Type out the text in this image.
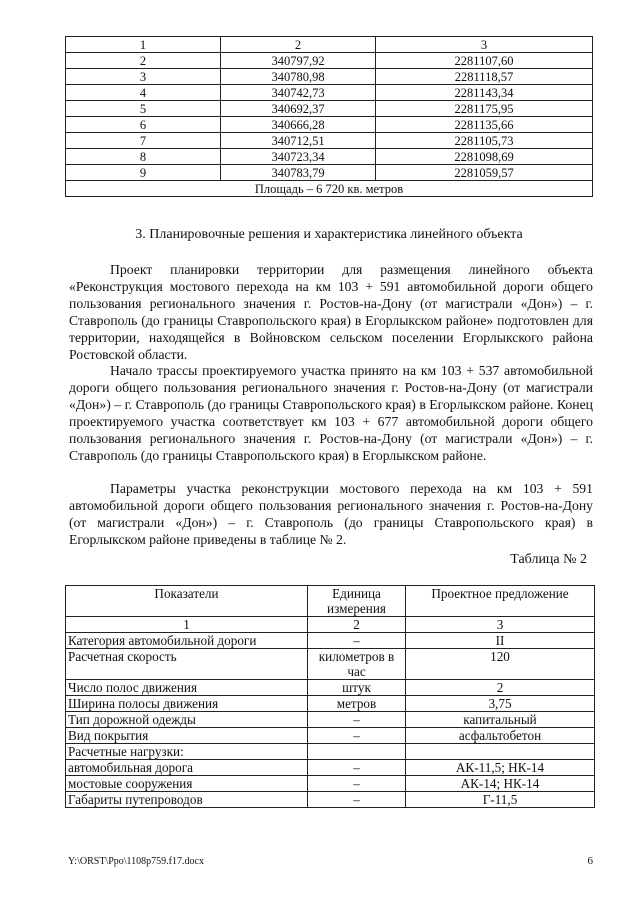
1	2	3
2	340797,92	2281107,60
3	340780,98	2281118,57
4	340742,73	2281143,34
5	340692,37	2281175,95
6	340666,28	2281135,66
7	340712,51	2281105,73
8	340723,34	2281098,69
9	340783,79	2281059,57
Площадь – 6 720 кв. метров		
3. Планировочные решения и характеристика линейного объекта

Проект планировки территории для размещения линейного объекта «Реконструкция мостового перехода на км 103 + 591 автомобильной дороги общего пользования регионального значения г. Ростов-на-Дону (от магистрали «Дон») – г. Ставрополь (до границы Ставропольского края) в Егорлыкском районе» подготовлен для территории, находящейся в Войновском сельском поселении Егорлыкского района Ростовской области.

Начало трассы проектируемого участка принято на км 103 + 537 автомобильной дороги общего пользования регионального значения г. Ростов-на-Дону (от магистрали «Дон») – г. Ставрополь (до границы Ставропольского края) в Егорлыкском районе. Конец проектируемого участка соответствует км 103 + 677 автомобильной дороги общего пользования регионального значения г. Ростов-на-Дону (от магистрали «Дон») – г. Ставрополь (до границы Ставропольского края) в Егорлыкском районе.

Параметры участка реконструкции мостового перехода на км 103 + 591 автомобильной дороги общего пользования регионального значения г. Ростов-на-Дону (от магистрали «Дон») – г. Ставрополь (до границы Ставропольского края) в Егорлыкском районе приведены в таблице № 2.

Таблица № 2
Показатели	Единица измерения	Проектное предложение
1	2	3
Категория автомобильной дороги	–	II
Расчетная скорость	километров в час	120
Число полос движения	штук	2
Ширина полосы движения	метров	3,75
Тип дорожной одежды	–	капитальный
Вид покрытия	–	асфальтобетон
Расчетные нагрузки:		
автомобильная дорога	–	АК-11,5; НК-14
мостовые сооружения	–	АК-14; НК-14
Габариты путепроводов	–	Г-11,5
Y:\ORST\Ppo\1108p759.f17.docx	6
